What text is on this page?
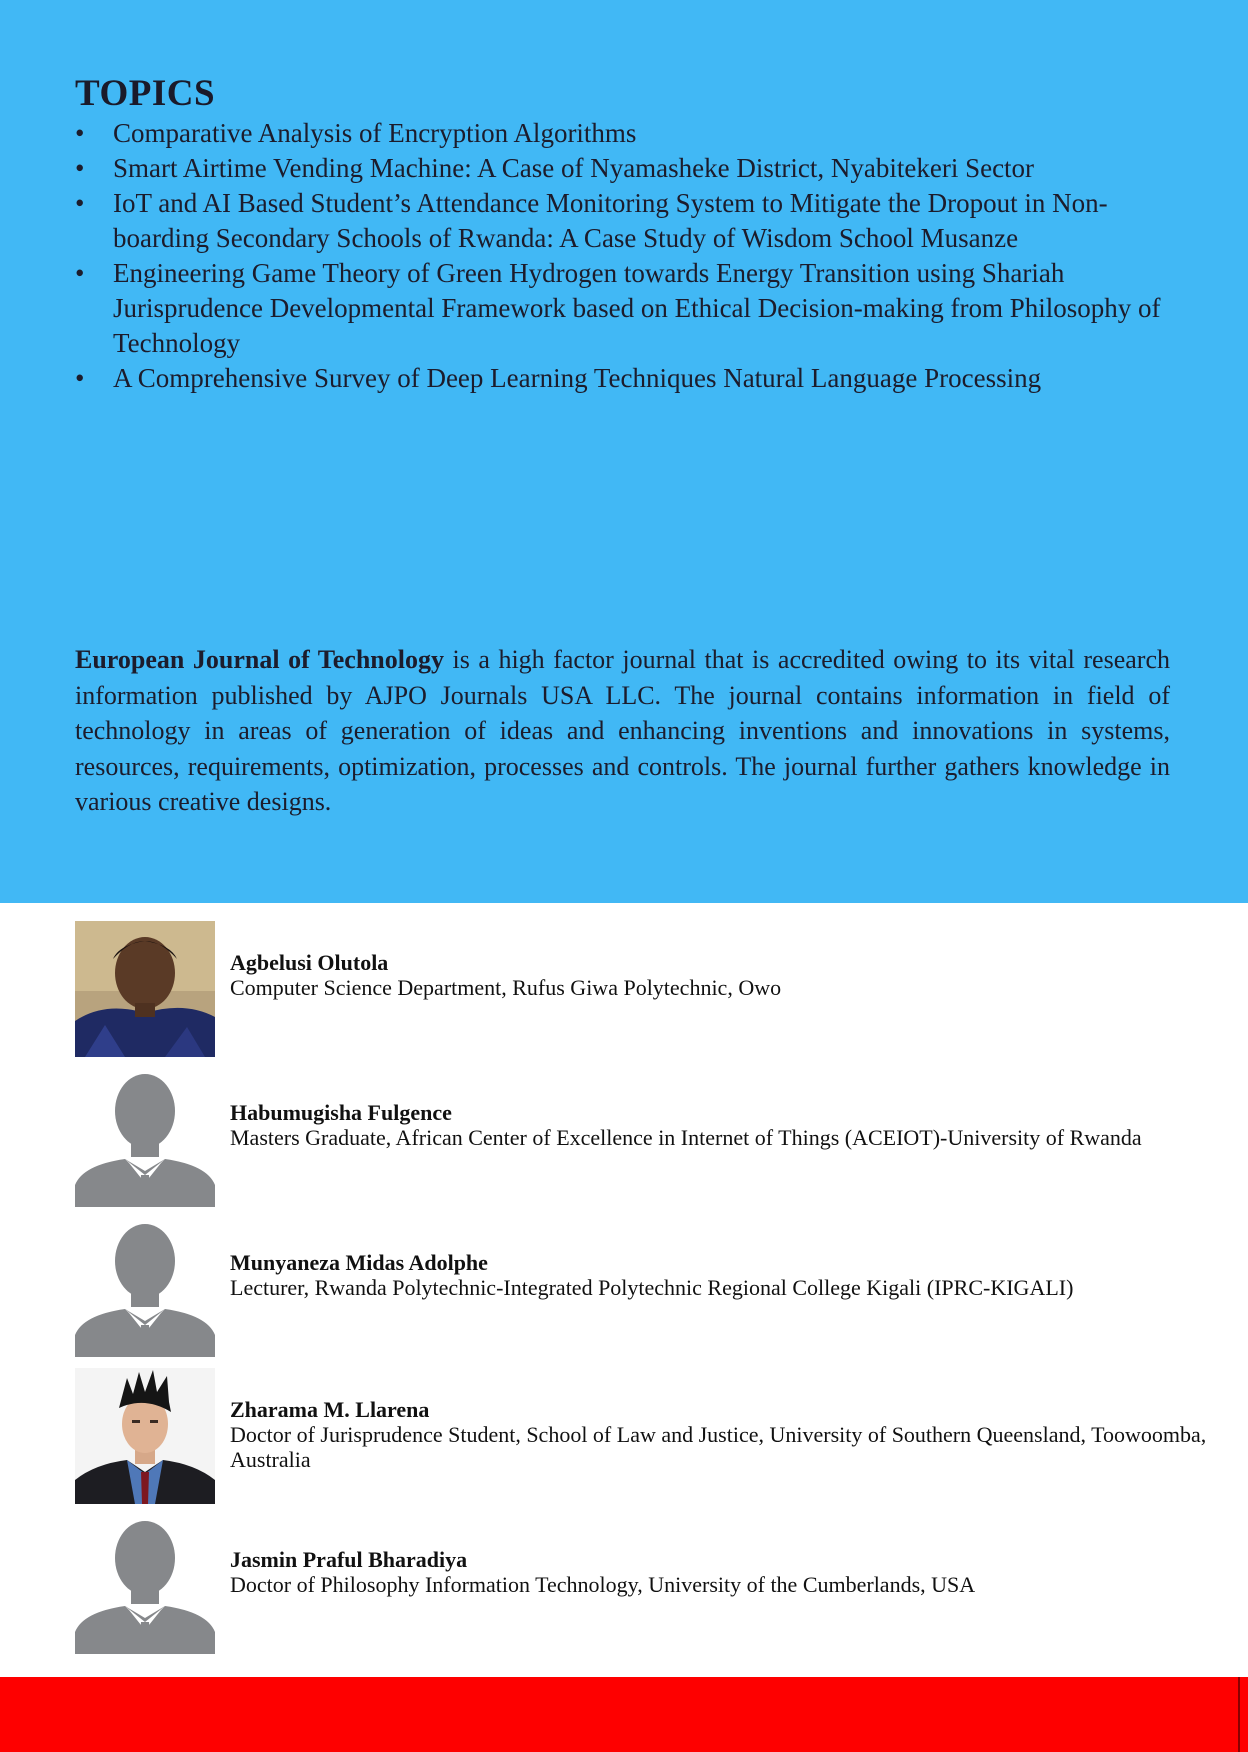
TOPICS
•	Comparative Analysis of Encryption Algorithms
•	Smart Airtime Vending Machine: A Case of Nyamasheke District, Nyabitekeri Sector
•	IoT and AI Based Student’s Attendance Monitoring System to Mitigate the Dropout in Non-boarding Secondary Schools of Rwanda: A Case Study of Wisdom School Musanze
•	Engineering Game Theory of Green Hydrogen towards Energy Transition using Shariah Jurisprudence Developmental Framework based on Ethical Decision-making from Philosophy of Technology
•	A Comprehensive Survey of Deep Learning Techniques Natural Language Processing

European Journal of Technology is a high factor journal that is accredited owing to its vital research information published by AJPO Journals USA LLC. The journal contains information in field of technology in areas of generation of ideas and enhancing inventions and innovations in systems, resources, requirements, optimization, processes and controls. The journal further gathers knowledge in various creative designs.

Agbelusi Olutola
Computer Science Department, Rufus Giwa Polytechnic, Owo
Habumugisha Fulgence
Masters Graduate, African Center of Excellence in Internet of Things (ACEIOT)-University of Rwanda
Munyaneza Midas Adolphe
Lecturer, Rwanda Polytechnic-Integrated Polytechnic Regional College Kigali (IPRC-KIGALI)
Zharama M. Llarena
Doctor of Jurisprudence Student, School of Law and Justice, University of Southern Queensland, Toowoomba, Australia
Jasmin Praful Bharadiya
Doctor of Philosophy Information Technology, University of the Cumberlands, USA
